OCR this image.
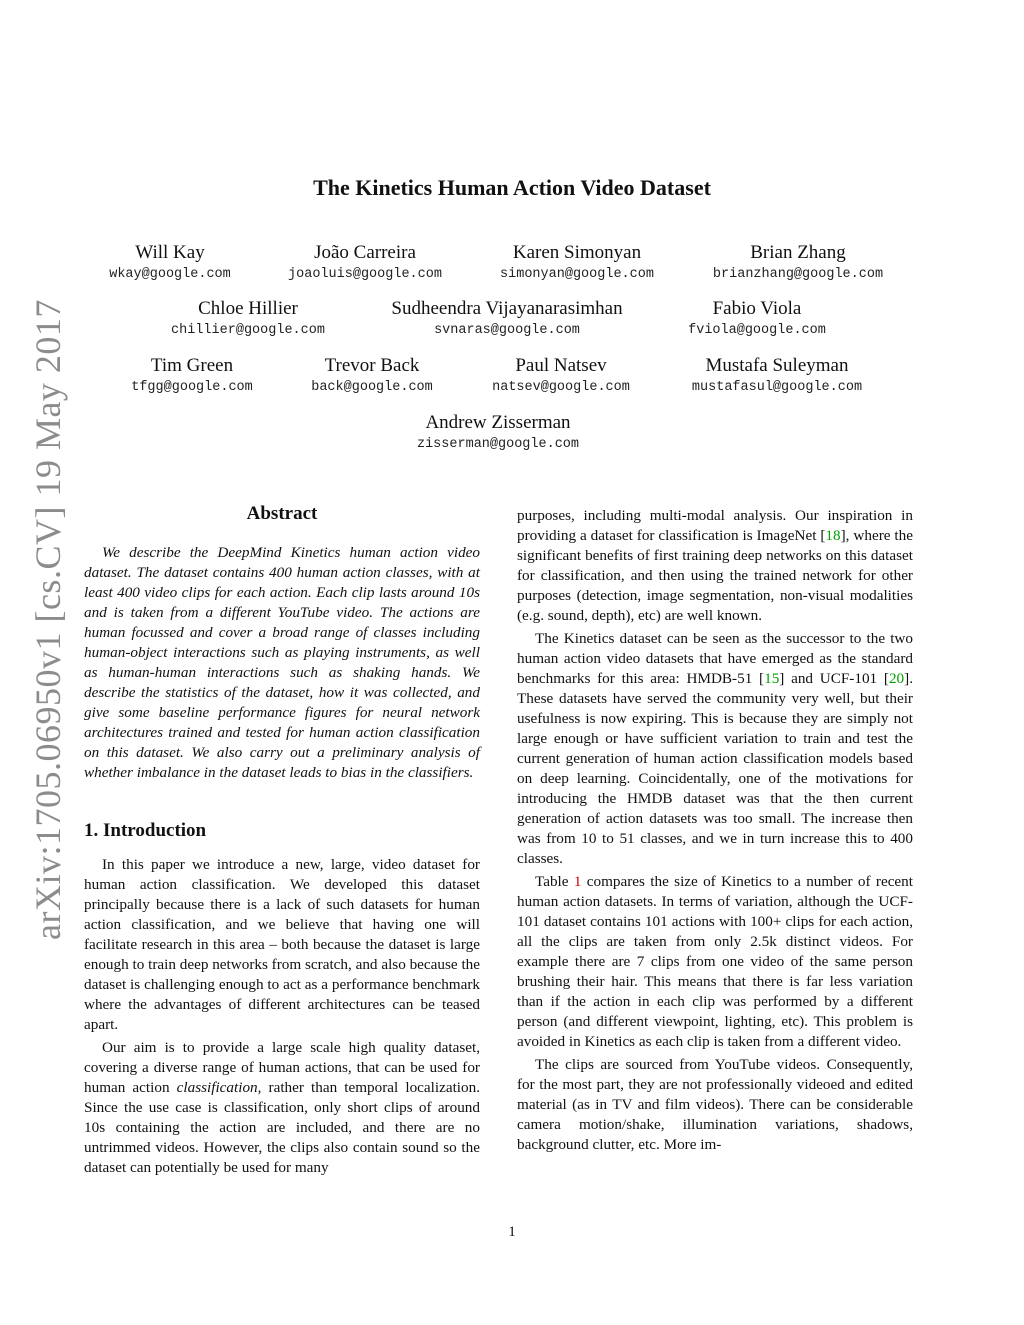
arXiv:1705.06950v1 [cs.CV] 19 May 2017
The Kinetics Human Action Video Dataset
Will Kay
wkay@google.com
João Carreira
joaoluis@google.com
Karen Simonyan
simonyan@google.com
Brian Zhang
brianzhang@google.com
Chloe Hillier
chillier@google.com
Sudheendra Vijayanarasimhan
svnaras@google.com
Fabio Viola
fviola@google.com
Tim Green
tfgg@google.com
Trevor Back
back@google.com
Paul Natsev
natsev@google.com
Mustafa Suleyman
mustafasul@google.com
Andrew Zisserman
zisserman@google.com
Abstract

We describe the DeepMind Kinetics human action video dataset. The dataset contains 400 human action classes, with at least 400 video clips for each action. Each clip lasts around 10s and is taken from a different YouTube video. The actions are human focussed and cover a broad range of classes including human-object interactions such as playing instruments, as well as human-human interactions such as shaking hands. We describe the statistics of the dataset, how it was collected, and give some baseline performance figures for neural network architectures trained and tested for human action classification on this dataset. We also carry out a preliminary analysis of whether imbalance in the dataset leads to bias in the classifiers.

1. Introduction

In this paper we introduce a new, large, video dataset for human action classification. We developed this dataset principally because there is a lack of such datasets for human action classification, and we believe that having one will facilitate research in this area – both because the dataset is large enough to train deep networks from scratch, and also because the dataset is challenging enough to act as a performance benchmark where the advantages of different architectures can be teased apart.

Our aim is to provide a large scale high quality dataset, covering a diverse range of human actions, that can be used for human action classification, rather than temporal localization. Since the use case is classification, only short clips of around 10s containing the action are included, and there are no untrimmed videos. However, the clips also contain sound so the dataset can potentially be used for many

purposes, including multi-modal analysis. Our inspiration in providing a dataset for classification is ImageNet [18], where the significant benefits of first training deep networks on this dataset for classification, and then using the trained network for other purposes (detection, image segmentation, non-visual modalities (e.g. sound, depth), etc) are well known.

The Kinetics dataset can be seen as the successor to the two human action video datasets that have emerged as the standard benchmarks for this area: HMDB-51 [15] and UCF-101 [20]. These datasets have served the community very well, but their usefulness is now expiring. This is because they are simply not large enough or have sufficient variation to train and test the current generation of human action classification models based on deep learning. Coincidentally, one of the motivations for introducing the HMDB dataset was that the then current generation of action datasets was too small. The increase then was from 10 to 51 classes, and we in turn increase this to 400 classes.

Table 1 compares the size of Kinetics to a number of recent human action datasets. In terms of variation, although the UCF-101 dataset contains 101 actions with 100+ clips for each action, all the clips are taken from only 2.5k distinct videos. For example there are 7 clips from one video of the same person brushing their hair. This means that there is far less variation than if the action in each clip was performed by a different person (and different viewpoint, lighting, etc). This problem is avoided in Kinetics as each clip is taken from a different video.

The clips are sourced from YouTube videos. Consequently, for the most part, they are not professionally videoed and edited material (as in TV and film videos). There can be considerable camera motion/shake, illumination variations, shadows, background clutter, etc. More im-

1
